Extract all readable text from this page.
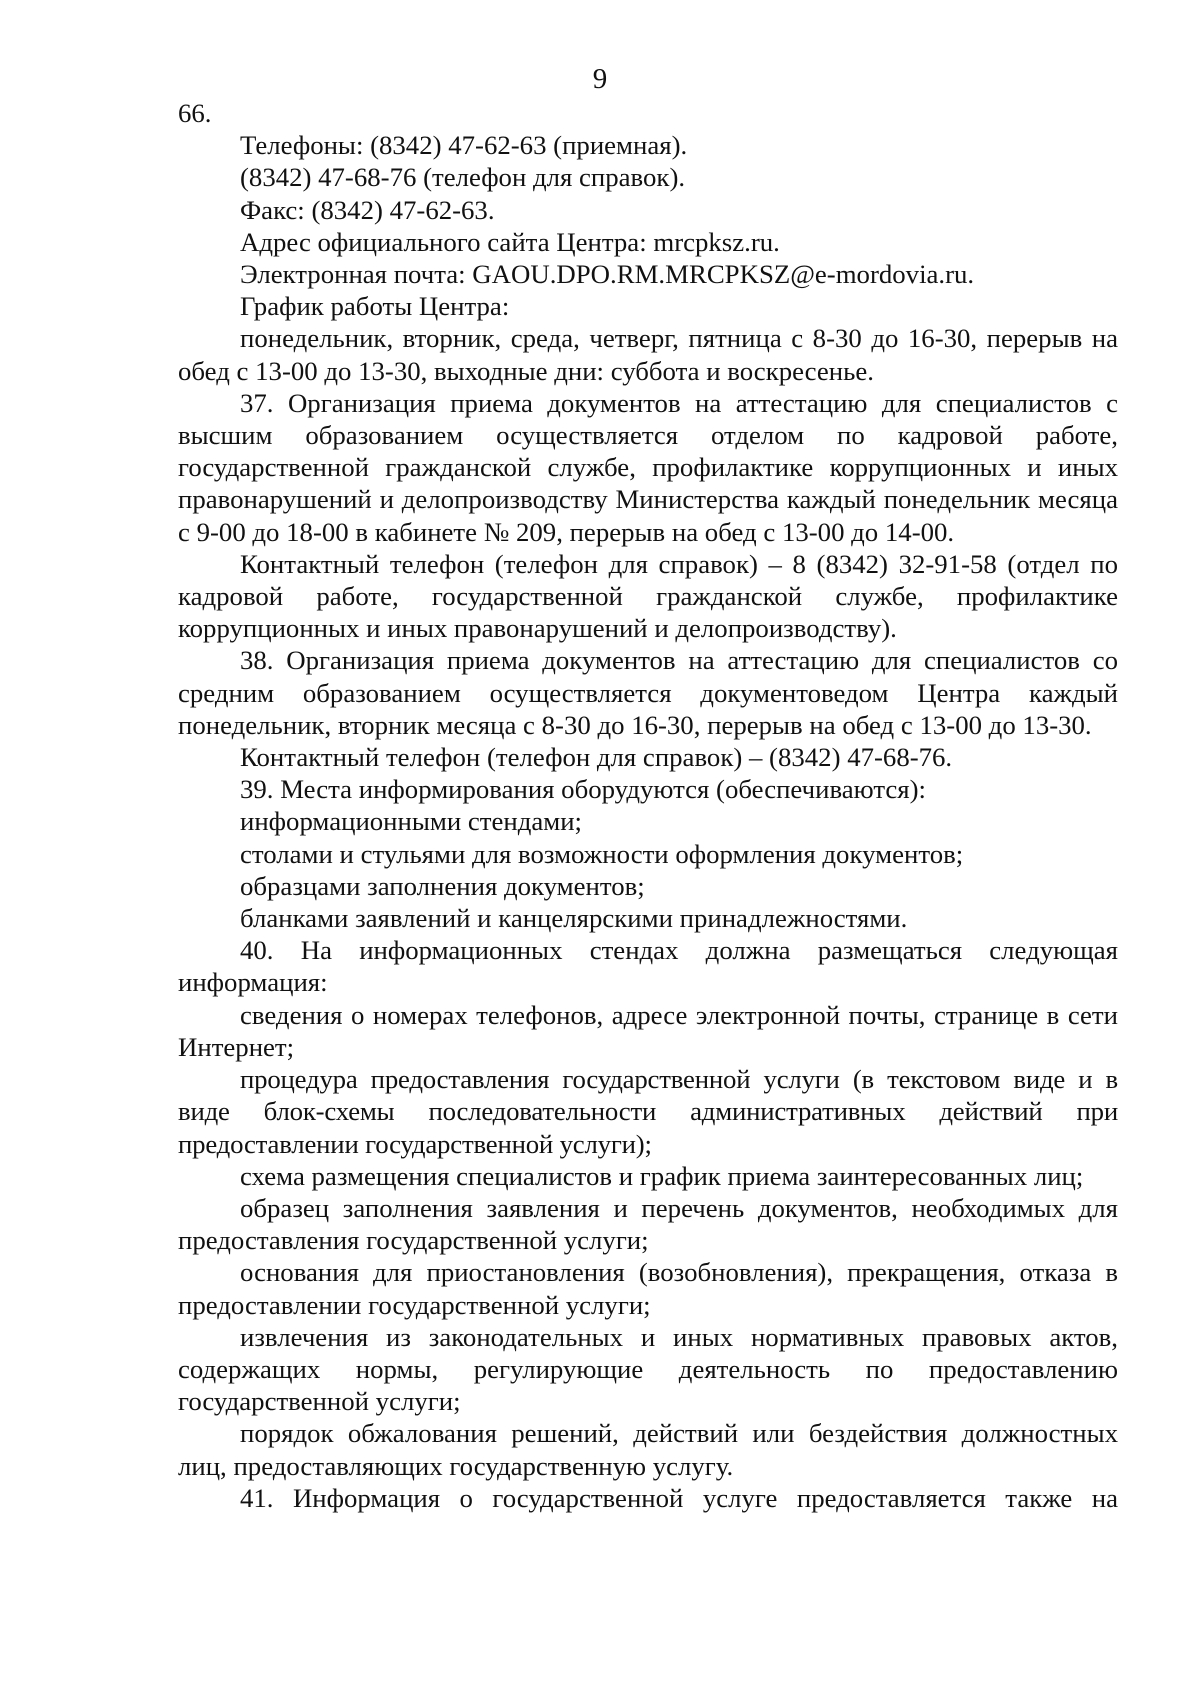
9

66.

Телефоны: (8342) 47-62-63 (приемная).

(8342) 47-68-76 (телефон для справок).

Факс: (8342) 47-62-63.

Адрес официального сайта Центра: mrcpksz.ru.

Электронная почта: GAOU.DPO.RM.MRCPKSZ@e-mordovia.ru.

График работы Центра:

понедельник, вторник, среда, четверг, пятница с 8-30 до 16-30, перерыв на обед с 13-00 до 13-30, выходные дни: суббота и воскресенье.

37. Организация приема документов на аттестацию для специалистов с высшим образованием осуществляется отделом по кадровой работе, государственной гражданской службе, профилактике коррупционных и иных правонарушений и делопроизводству Министерства каждый понедельник месяца с 9-00 до 18-00 в кабинете № 209, перерыв на обед с 13-00 до 14-00.

Контактный телефон (телефон для справок) – 8 (8342) 32-91-58 (отдел по кадровой работе, государственной гражданской службе, профилактике коррупционных и иных правонарушений и делопроизводству).

38. Организация приема документов на аттестацию для специалистов со средним образованием осуществляется документоведом Центра каждый понедельник, вторник месяца с 8-30 до 16-30, перерыв на обед с 13-00 до 13-30.

Контактный телефон (телефон для справок) – (8342) 47-68-76.

39. Места информирования оборудуются (обеспечиваются):

информационными стендами;

столами и стульями для возможности оформления документов;

образцами заполнения документов;

бланками заявлений и канцелярскими принадлежностями.

40. На информационных стендах должна размещаться следующая информация:

сведения о номерах телефонов, адресе электронной почты, странице в сети Интернет;

процедура предоставления государственной услуги (в текстовом виде и в виде блок-схемы последовательности административных действий при предоставлении государственной услуги);

схема размещения специалистов и график приема заинтересованных лиц;

образец заполнения заявления и перечень документов, необходимых для предоставления государственной услуги;

основания для приостановления (возобновления), прекращения, отказа в предоставлении государственной услуги;

извлечения из законодательных и иных нормативных правовых актов, содержащих нормы, регулирующие деятельность по предоставлению государственной услуги;

порядок обжалования решений, действий или бездействия должностных лиц, предоставляющих государственную услугу.

41. Информация о государственной услуге предоставляется также на
